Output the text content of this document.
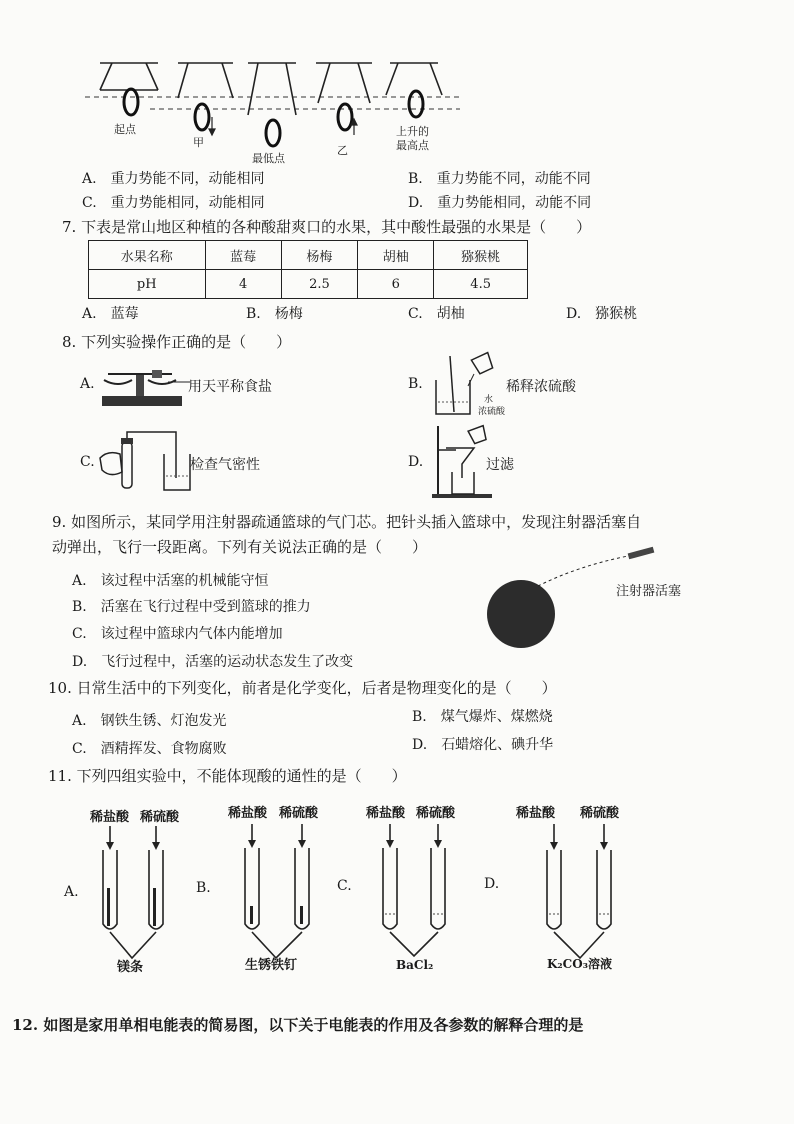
起点
甲
最低点
乙
上升的
最高点
A.　 重力势能不同，动能相同	B.　 重力势能不同，动能不同
C.　 重力势能相同，动能相同	D.　 重力势能相同，动能不同
7. 下表是常山地区种植的各种酸甜爽口的水果，其中酸性最强的水果是（　　）
水果名称	蓝莓	杨梅	胡柚	猕猴桃
pH	4	2.5	6	4.5
A.　 蓝莓	B.　 杨梅	C.　 胡柚	D.　 猕猴桃
8. 下列实验操作正确的是（　　）
A.	用天平称食盐	B.	稀释浓硫酸
水
浓硫酸
C.	检查气密性	D.	过滤
9. 如图所示，某同学用注射器疏通篮球的气门芯。把针头插入篮球中，发现注射器活塞自
动弹出，飞行一段距离。下列有关说法正确的是（　　）
注射器活塞
A.　 该过程中活塞的机械能守恒
B.　 活塞在飞行过程中受到篮球的推力
C.　 该过程中篮球内气体内能增加
D.　 飞行过程中，活塞的运动状态发生了改变
10. 日常生活中的下列变化，前者是化学变化，后者是物理变化的是（　　）
A.　 钢铁生锈、灯泡发光	B.　 煤气爆炸、煤燃烧
C.　 酒精挥发、食物腐败	D.　 石蜡熔化、碘升华
11. 下列四组实验中，不能体现酸的通性的是（　　）
稀盐酸 稀硫酸	稀盐酸 稀硫酸	稀盐酸 稀硫酸	稀盐酸 稀硫酸
A.	B.	C.	D.
镁条	生锈铁钉	BaCl₂	K₂CO₃溶液
12. 如图是家用单相电能表的简易图，以下关于电能表的作用及各参数的解释合理的是
